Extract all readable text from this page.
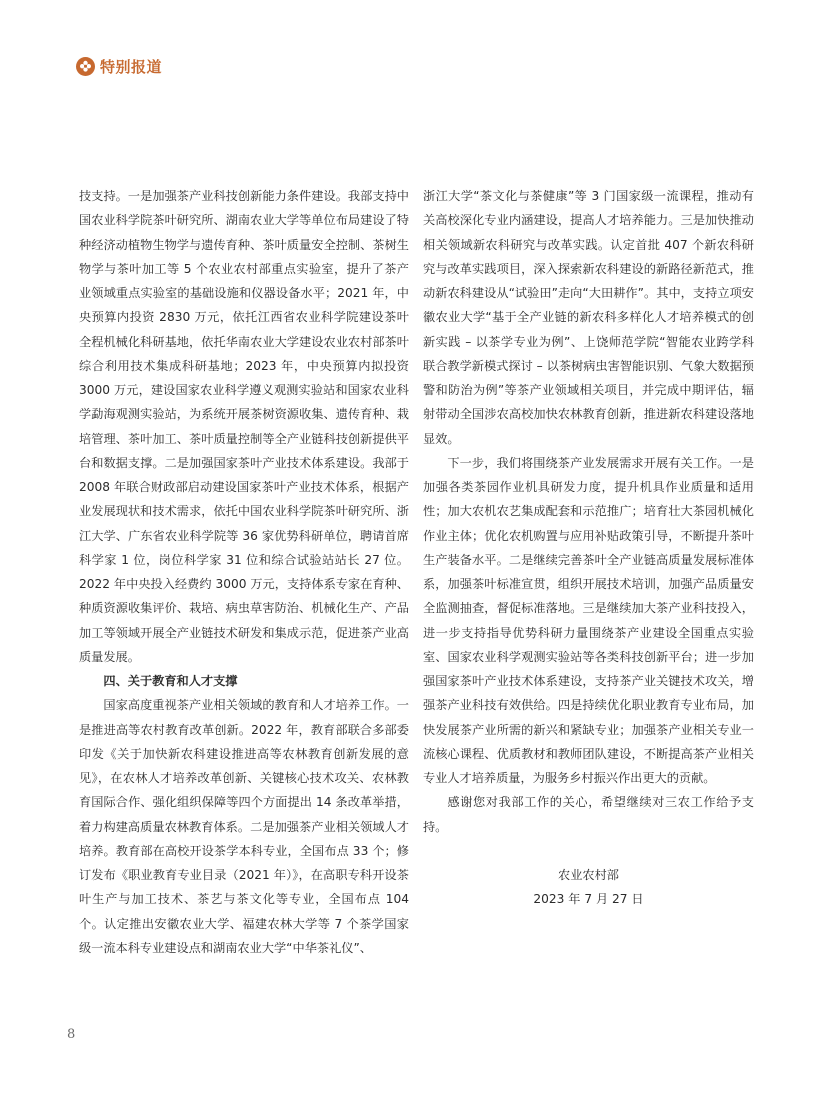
特别报道

技支持。一是加强茶产业科技创新能力条件建设。我部支持中国农业科学院茶叶研究所、湖南农业大学等单位布局建设了特种经济动植物生物学与遗传育种、茶叶质量安全控制、茶树生物学与茶叶加工等 5 个农业农村部重点实验室，提升了茶产业领域重点实验室的基础设施和仪器设备水平；2021 年，中央预算内投资 2830 万元，依托江西省农业科学院建设茶叶全程机械化科研基地，依托华南农业大学建设农业农村部茶叶综合利用技术集成科研基地；2023 年，中央预算内拟投资 3000 万元，建设国家农业科学遵义观测实验站和国家农业科学勐海观测实验站，为系统开展茶树资源收集、遗传育种、栽培管理、茶叶加工、茶叶质量控制等全产业链科技创新提供平台和数据支撑。二是加强国家茶叶产业技术体系建设。我部于 2008 年联合财政部启动建设国家茶叶产业技术体系，根据产业发展现状和技术需求，依托中国农业科学院茶叶研究所、浙江大学、广东省农业科学院等 36 家优势科研单位，聘请首席科学家 1 位，岗位科学家 31 位和综合试验站站长 27 位。2022 年中央投入经费约 3000 万元，支持体系专家在育种、种质资源收集评价、栽培、病虫草害防治、机械化生产、产品加工等领域开展全产业链技术研发和集成示范，促进茶产业高质量发展。

四、关于教育和人才支撑

国家高度重视茶产业相关领域的教育和人才培养工作。一是推进高等农村教育改革创新。2022 年，教育部联合多部委印发《关于加快新农科建设推进高等农林教育创新发展的意见》，在农林人才培养改革创新、关键核心技术攻关、农林教育国际合作、强化组织保障等四个方面提出 14 条改革举措，着力构建高质量农林教育体系。二是加强茶产业相关领域人才培养。教育部在高校开设茶学本科专业，全国布点 33 个；修订发布《职业教育专业目录（2021 年）》，在高职专科开设茶叶生产与加工技术、茶艺与茶文化等专业，全国布点 104 个。认定推出安徽农业大学、福建农林大学等 7 个茶学国家级一流本科专业建设点和湖南农业大学“中华茶礼仪”、

浙江大学“茶文化与茶健康”等 3 门国家级一流课程，推动有关高校深化专业内涵建设，提高人才培养能力。三是加快推动相关领域新农科研究与改革实践。认定首批 407 个新农科研究与改革实践项目，深入探索新农科建设的新路径新范式，推动新农科建设从“试验田”走向“大田耕作”。其中，支持立项安徽农业大学“基于全产业链的新农科多样化人才培养模式的创新实践 – 以茶学专业为例”、上饶师范学院“智能农业跨学科联合教学新模式探讨 – 以茶树病虫害智能识别、气象大数据预警和防治为例”等茶产业领域相关项目，并完成中期评估，辐射带动全国涉农高校加快农林教育创新，推进新农科建设落地显效。

下一步，我们将围绕茶产业发展需求开展有关工作。一是加强各类茶园作业机具研发力度，提升机具作业质量和适用性；加大农机农艺集成配套和示范推广；培育壮大茶园机械化作业主体；优化农机购置与应用补贴政策引导，不断提升茶叶生产装备水平。二是继续完善茶叶全产业链高质量发展标准体系，加强茶叶标准宣贯，组织开展技术培训，加强产品质量安全监测抽查，督促标准落地。三是继续加大茶产业科技投入，进一步支持指导优势科研力量围绕茶产业建设全国重点实验室、国家农业科学观测实验站等各类科技创新平台；进一步加强国家茶叶产业技术体系建设，支持茶产业关键技术攻关，增强茶产业科技有效供给。四是持续优化职业教育专业布局，加快发展茶产业所需的新兴和紧缺专业；加强茶产业相关专业一流核心课程、优质教材和教师团队建设，不断提高茶产业相关专业人才培养质量，为服务乡村振兴作出更大的贡献。

感谢您对我部工作的关心，希望继续对三农工作给予支持。

农业农村部

2023 年 7 月 27 日

8
